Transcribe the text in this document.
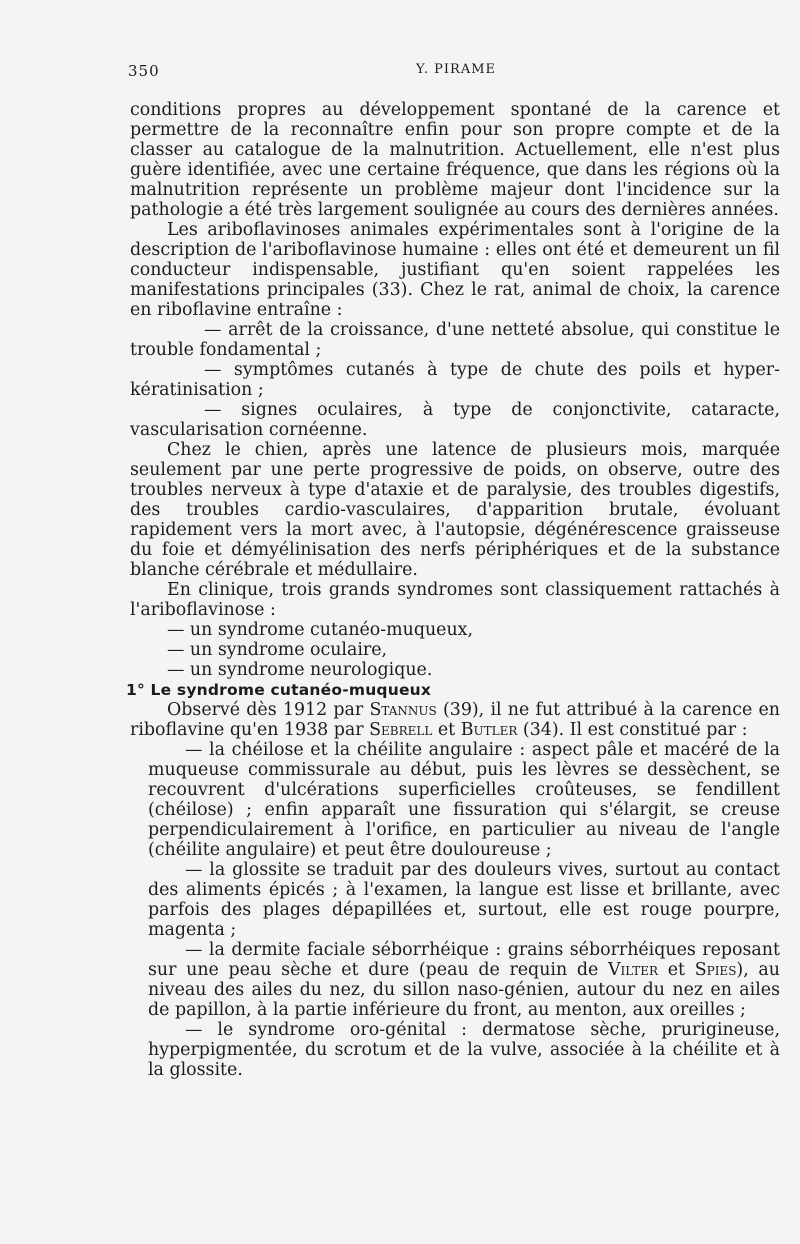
350	Y. PIRAME

conditions propres au développement spontané de la carence et permettre de la reconnaître enfin pour son propre compte et de la classer au catalogue de la malnutrition. Actuellement, elle n'est plus guère identifiée, avec une certaine fréquence, que dans les régions où la malnutrition représente un problème majeur dont l'incidence sur la pathologie a été très largement soulignée au cours des dernières années.

Les ariboflavinoses animales expérimentales sont à l'origine de la description de l'ariboflavinose humaine : elles ont été et demeurent un fil conducteur indispensable, justifiant qu'en soient rappelées les manifestations principales (33). Chez le rat, animal de choix, la carence en riboflavine entraîne :

— arrêt de la croissance, d'une netteté absolue, qui constitue le trouble fondamental ;

— symptômes cutanés à type de chute des poils et hyper-kératinisation ;

— signes oculaires, à type de conjonctivite, cataracte, vascularisation cornéenne.

Chez le chien, après une latence de plusieurs mois, marquée seulement par une perte progressive de poids, on observe, outre des troubles nerveux à type d'ataxie et de paralysie, des troubles digestifs, des troubles cardio-vasculaires, d'apparition brutale, évoluant rapidement vers la mort avec, à l'autopsie, dégénérescence graisseuse du foie et démyélinisation des nerfs périphériques et de la substance blanche cérébrale et médullaire.

En clinique, trois grands syndromes sont classiquement rattachés à l'ariboflavinose :

— un syndrome cutanéo-muqueux,

— un syndrome oculaire,

— un syndrome neurologique.

1° Le syndrome cutanéo-muqueux

Observé dès 1912 par Stannus (39), il ne fut attribué à la carence en riboflavine qu'en 1938 par Sebrell et Butler (34). Il est constitué par :

— la chéilose et la chéilite angulaire : aspect pâle et macéré de la muqueuse commissurale au début, puis les lèvres se dessèchent, se recouvrent d'ulcérations superficielles croûteuses, se fendillent (chéilose) ; enfin apparaît une fissuration qui s'élargit, se creuse perpendiculairement à l'orifice, en particulier au niveau de l'angle (chéilite angulaire) et peut être douloureuse ;

— la glossite se traduit par des douleurs vives, surtout au contact des aliments épicés ; à l'examen, la langue est lisse et brillante, avec parfois des plages dépapillées et, surtout, elle est rouge pourpre, magenta ;

— la dermite faciale séborrhéique : grains séborrhéiques reposant sur une peau sèche et dure (peau de requin de Vilter et Spies), au niveau des ailes du nez, du sillon naso-génien, autour du nez en ailes de papillon, à la partie inférieure du front, au menton, aux oreilles ;

— le syndrome oro-génital : dermatose sèche, prurigineuse, hyperpigmentée, du scrotum et de la vulve, associée à la chéilite et à la glossite.
